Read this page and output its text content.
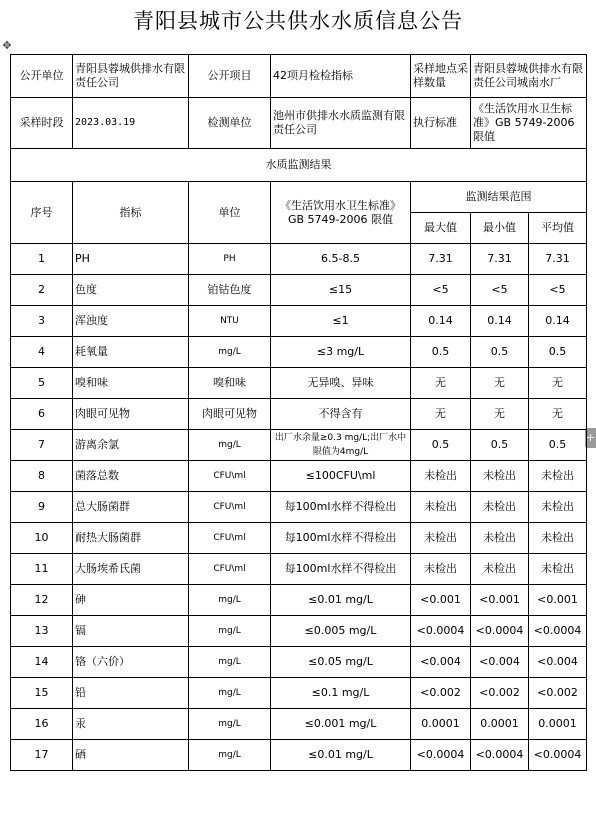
青阳县城市公共供水水质信息公告
✥
+
公开单位	青阳县蓉城供排水有限责任公司	公开项目	42项月检检指标	采样地点采样数量	青阳县蓉城供排水有限责任公司城南水厂	
采样时段	2023.03.19	检测单位	池州市供排水水质监测有限责任公司	执行标准	《生活饮用水卫生标准》GB 5749-2006限值	
水质监测结果						
序号	指标	单位	《生活饮用水卫生标准》GB 5749-2006 限值	监测结果范围		
				最大值	最小值	平均值
1	PH	PH	6.5-8.5	7.31	7.31	7.31
2	色度	铂钴色度	≤15	<5	<5	<5
3	浑浊度	NTU	≤1	0.14	0.14	0.14
4	耗氧量	mg/L	≤3 mg/L	0.5	0.5	0.5
5	嗅和味	嗅和味	无异嗅、异味	无	无	无
6	肉眼可见物	肉眼可见物	不得含有	无	无	无
7	游离余氯	mg/L	出厂水余量≥0.3 mg/L;出厂水中限值为4mg/L	0.5	0.5	0.5
8	菌落总数	CFU\ml	≤100CFU\ml	未检出	未检出	未检出
9	总大肠菌群	CFU\ml	每100ml水样不得检出	未检出	未检出	未检出
10	耐热大肠菌群	CFU\ml	每100ml水样不得检出	未检出	未检出	未检出
11	大肠埃希氏菌	CFU\ml	每100ml水样不得检出	未检出	未检出	未检出
12	砷	mg/L	≤0.01 mg/L	<0.001	<0.001	<0.001
13	镉	mg/L	≤0.005 mg/L	<0.0004	<0.0004	<0.0004
14	铬（六价）	mg/L	≤0.05 mg/L	<0.004	<0.004	<0.004
15	铅	mg/L	≤0.1 mg/L	<0.002	<0.002	<0.002
16	汞	mg/L	≤0.001 mg/L	0.0001	0.0001	0.0001
17	硒	mg/L	≤0.01 mg/L	<0.0004	<0.0004	<0.0004
